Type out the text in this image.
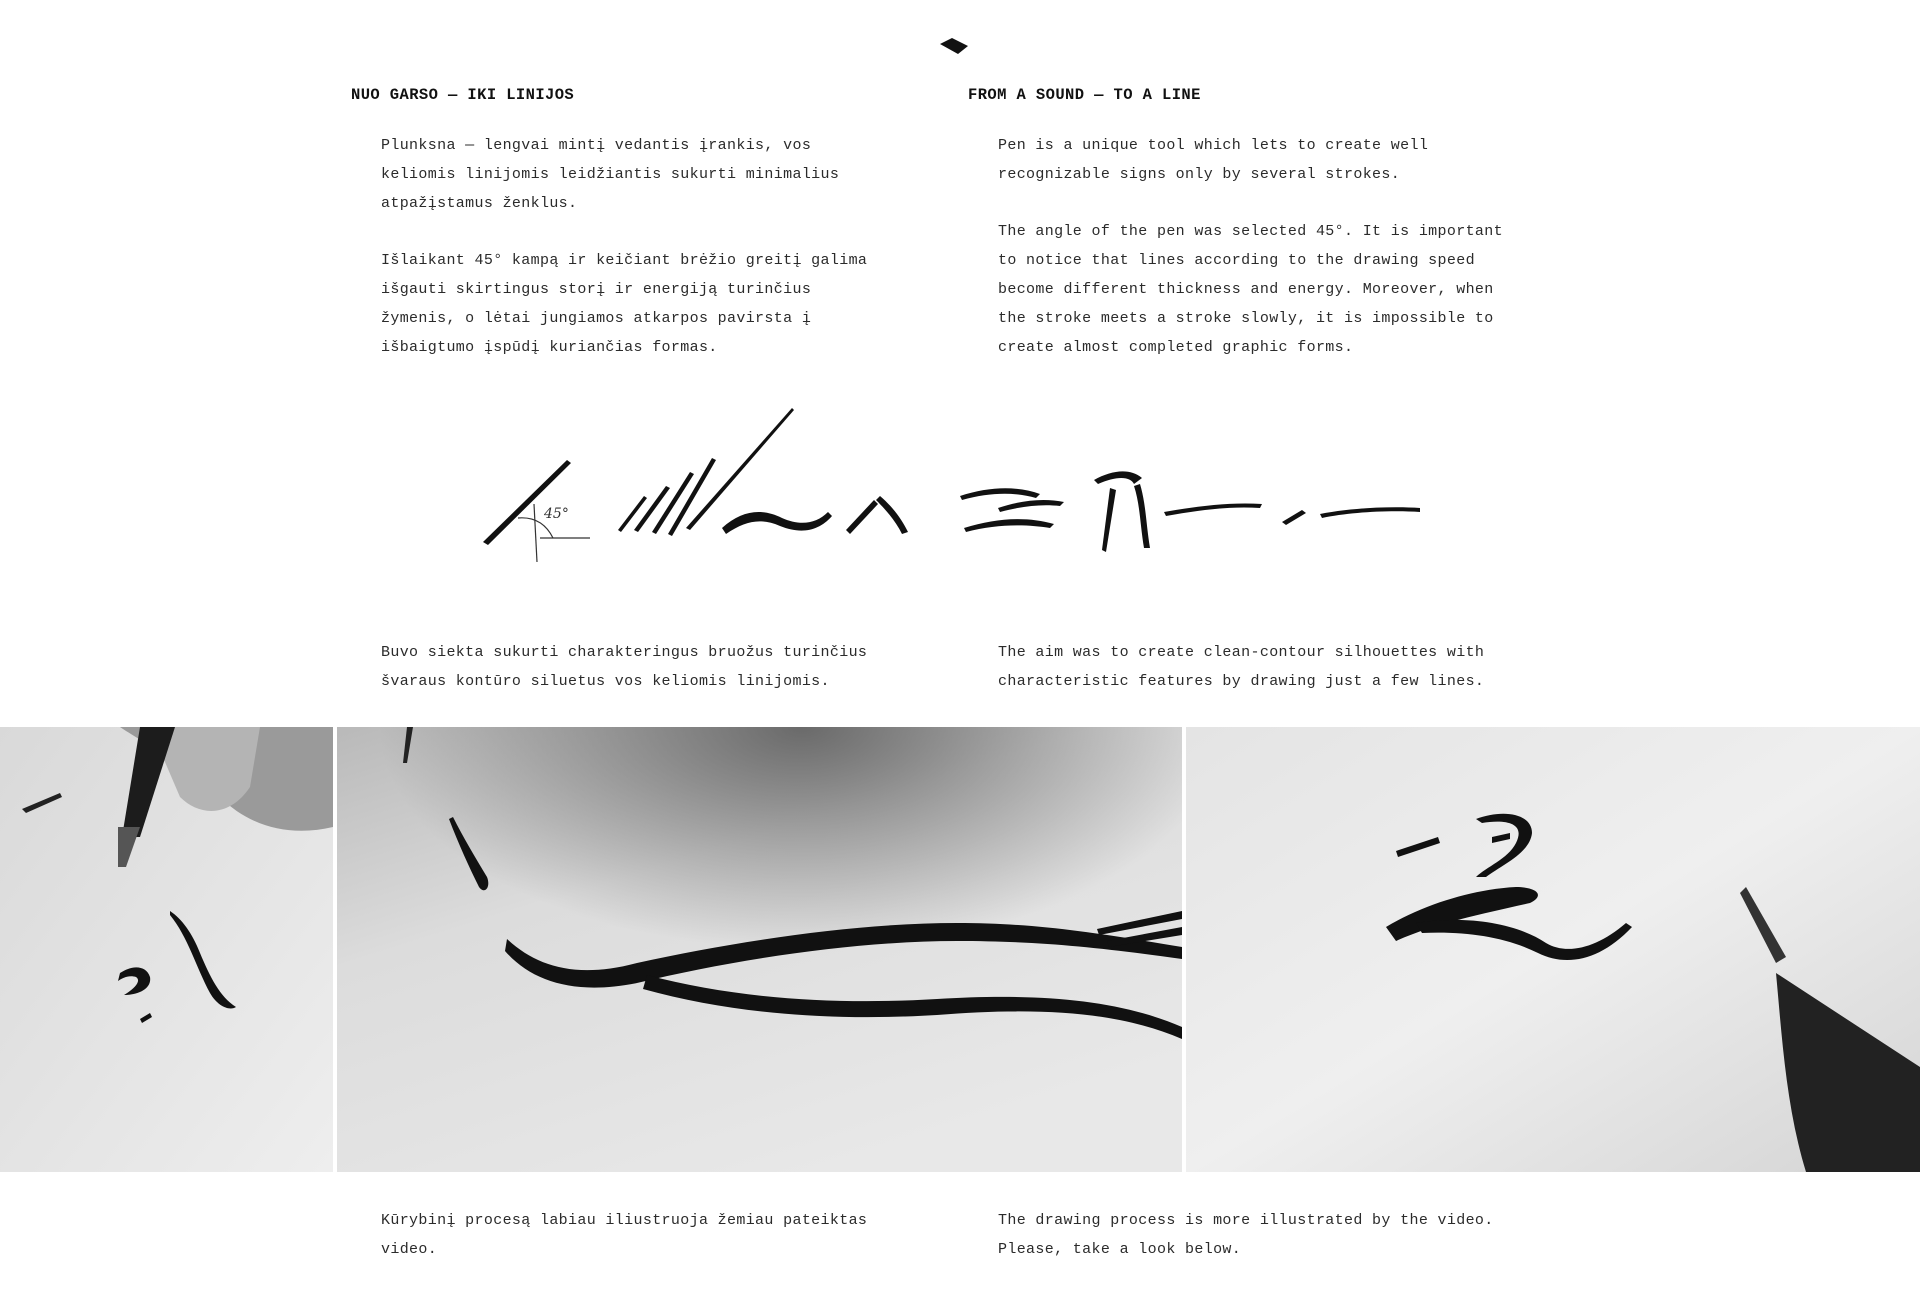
NUO GARSO — IKI LINIJOS	FROM A SOUND — TO A LINE
Plunksna — lengvai mintį vedantis įrankis, vos
keliomis linijomis leidžiantis sukurti minimalius
atpažįstamus ženklus.
Išlaikant 45° kampą ir keičiant brėžio greitį galima
išgauti skirtingus storį ir energiją turinčius
žymenis, o lėtai jungiamos atkarpos pavirsta į
išbaigtumo įspūdį kuriančias formas.
Pen is a unique tool which lets to create well
recognizable signs only by several strokes.
The angle of the pen was selected 45°. It is important
to notice that lines according to the drawing speed
become different thickness and energy. Moreover, when
the stroke meets a stroke slowly, it is impossible to
create almost completed graphic forms.
45°
Buvo siekta sukurti charakteringus bruožus turinčius
švaraus kontūro siluetus vos keliomis linijomis.
The aim was to create clean-contour silhouettes with
characteristic features by drawing just a few lines.
Kūrybinį procesą labiau iliustruoja žemiau pateiktas
video.
The drawing process is more illustrated by the video.
Please, take a look below.
